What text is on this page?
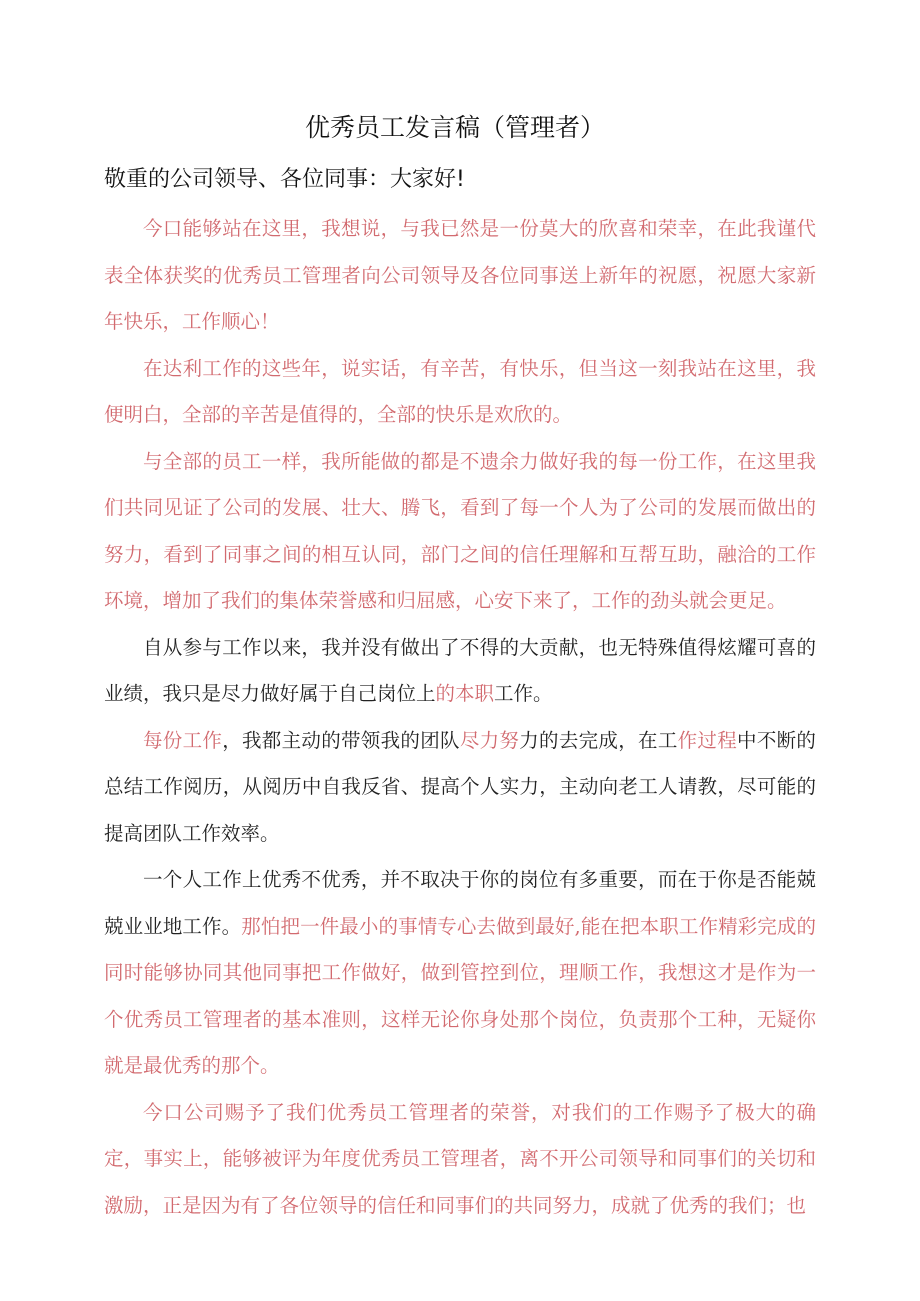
优秀员工发言稿（管理者）

敬重的公司领导、各位同事：大家好!

今口能够站在这里，我想说，与我已然是一份莫大的欣喜和荣幸，在此我谨代表全体获奖的优秀员工管理者向公司领导及各位同事送上新年的祝愿，祝愿大家新年快乐，工作顺心！

在达利工作的这些年，说实话，有辛苦，有快乐，但当这一刻我站在这里，我便明白，全部的辛苦是值得的，全部的快乐是欢欣的。

与全部的员工一样，我所能做的都是不遗余力做好我的每一份工作，在这里我们共同见证了公司的发展、壮大、腾飞，看到了每一个人为了公司的发展而做出的努力，看到了同事之间的相互认同，部门之间的信任理解和互帮互助，融洽的工作环境，增加了我们的集体荣誉感和归屈感，心安下来了，工作的劲头就会更足。

自从参与工作以来，我并没有做出了不得的大贡献，也无特殊值得炫耀可喜的业绩，我只是尽力做好属于自己岗位上的本职工作。

每份工作，我都主动的带领我的团队尽力努力的去完成，在工作过程中不断的总结工作阅历，从阅历中自我反省、提高个人实力，主动向老工人请教，尽可能的提高团队工作效率。

一个人工作上优秀不优秀，并不取决于你的岗位有多重要，而在于你是否能兢兢业业地工作。那怕把一件最小的事情专心去做到最好,能在把本职工作精彩完成的同时能够协同其他同事把工作做好，做到管控到位，理顺工作，我想这才是作为一个优秀员工管理者的基本准则，这样无论你身处那个岗位，负责那个工种，无疑你就是最优秀的那个。

今口公司赐予了我们优秀员工管理者的荣誉，对我们的工作赐予了极大的确定，事实上，能够被评为年度优秀员工管理者，离不开公司领导和同事们的关切和激励，正是因为有了各位领导的信任和同事们的共同努力，成就了优秀的我们；也
